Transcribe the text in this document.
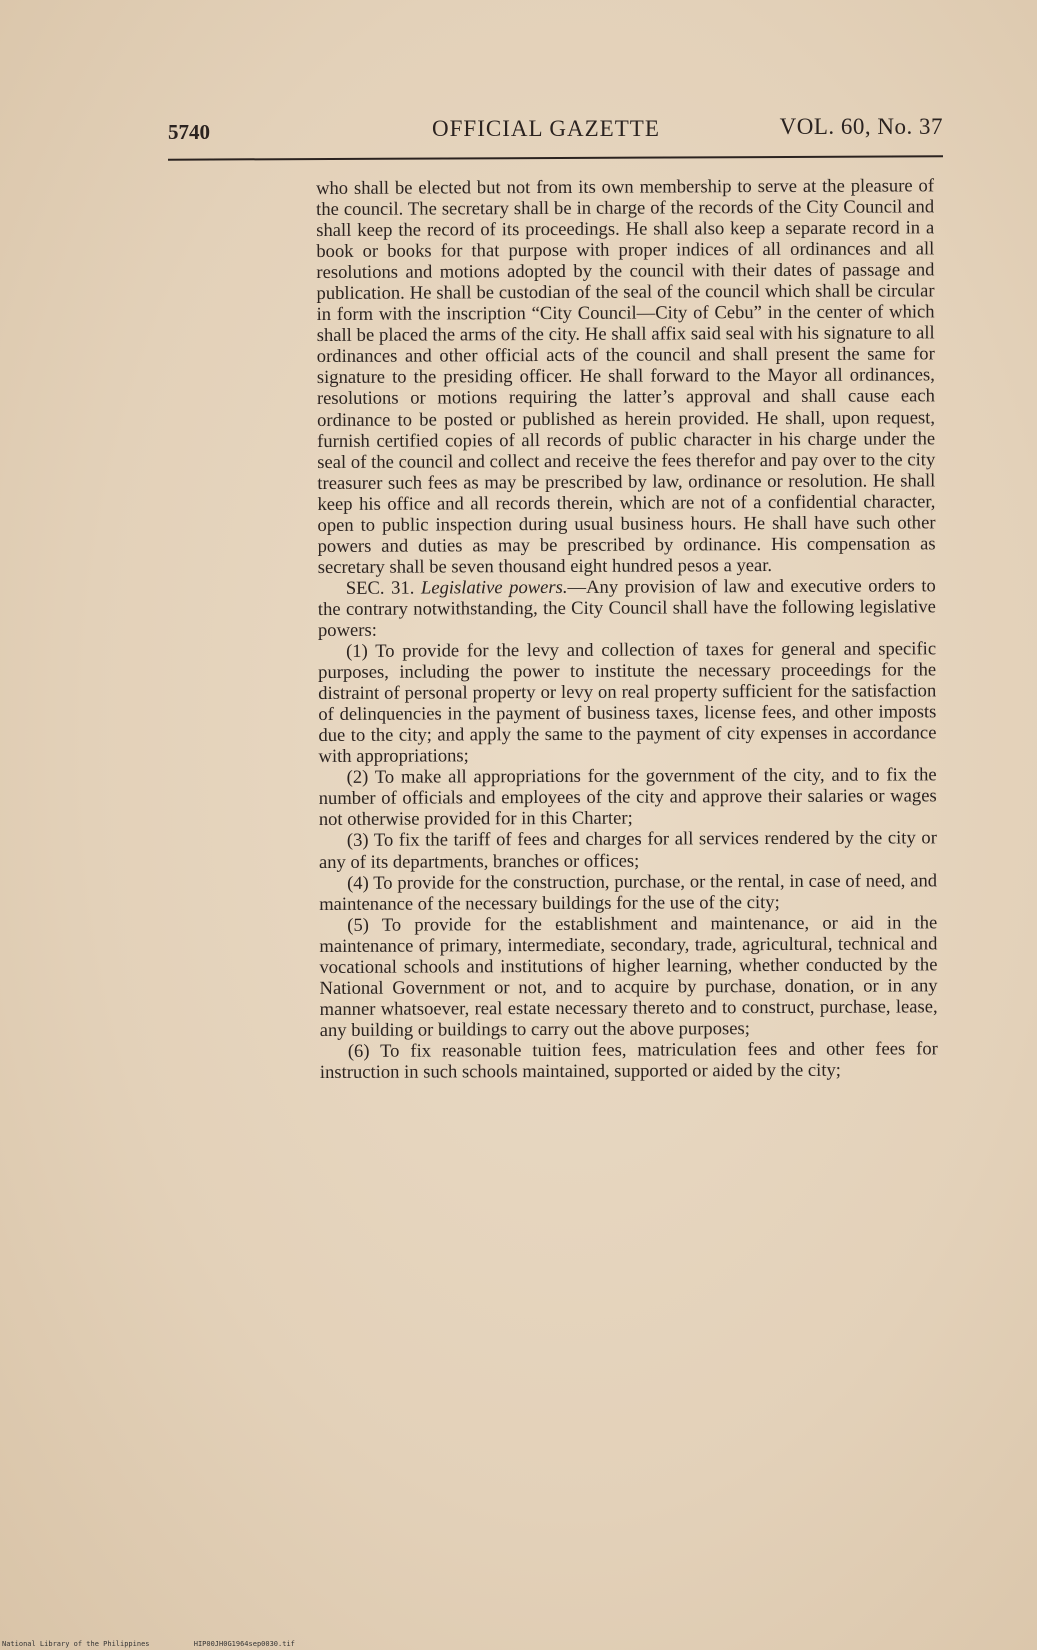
5740	OFFICIAL GAZETTE	VOL. 60, No. 37

who shall be elected but not from its own membership to serve at the pleasure of the council. The secretary shall be in charge of the records of the City Council and shall keep the record of its proceedings. He shall also keep a separate record in a book or books for that purpose with proper indices of all ordinances and all resolutions and motions adopted by the council with their dates of passage and publication. He shall be custodian of the seal of the council which shall be circular in form with the inscription “City Council—City of Cebu” in the center of which shall be placed the arms of the city. He shall affix said seal with his signature to all ordinances and other official acts of the council and shall present the same for signature to the presiding officer. He shall forward to the Mayor all ordinances, resolutions or motions requiring the latter’s approval and shall cause each ordinance to be posted or published as herein provided. He shall, upon request, furnish certified copies of all records of public character in his charge under the seal of the council and collect and receive the fees therefor and pay over to the city treasurer such fees as may be prescribed by law, ordinance or resolution. He shall keep his office and all records therein, which are not of a confidential character, open to public inspection during usual business hours. He shall have such other powers and duties as may be prescribed by ordinance. His compensation as secretary shall be seven thousand eight hundred pesos a year.

SEC. 31. Legislative powers.—Any provision of law and executive orders to the contrary notwithstanding, the City Council shall have the following legislative powers:

(1) To provide for the levy and collection of taxes for general and specific purposes, including the power to institute the necessary proceedings for the distraint of personal property or levy on real property sufficient for the satisfaction of delinquencies in the payment of business taxes, license fees, and other imposts due to the city; and apply the same to the payment of city expenses in accordance with appropriations;

(2) To make all appropriations for the government of the city, and to fix the number of officials and employees of the city and approve their salaries or wages not otherwise provided for in this Charter;

(3) To fix the tariff of fees and charges for all services rendered by the city or any of its departments, branches or offices;

(4) To provide for the construction, purchase, or the rental, in case of need, and maintenance of the necessary buildings for the use of the city;

(5) To provide for the establishment and maintenance, or aid in the maintenance of primary, intermediate, secondary, trade, agricultural, technical and vocational schools and institutions of higher learning, whether conducted by the National Government or not, and to acquire by purchase, donation, or in any manner whatsoever, real estate necessary thereto and to construct, purchase, lease, any building or buildings to carry out the above purposes;

(6) To fix reasonable tuition fees, matriculation fees and other fees for instruction in such schools maintained, supported or aided by the city;

National Library of the Philippines	HIP00JH0G1964sep0030.tif
